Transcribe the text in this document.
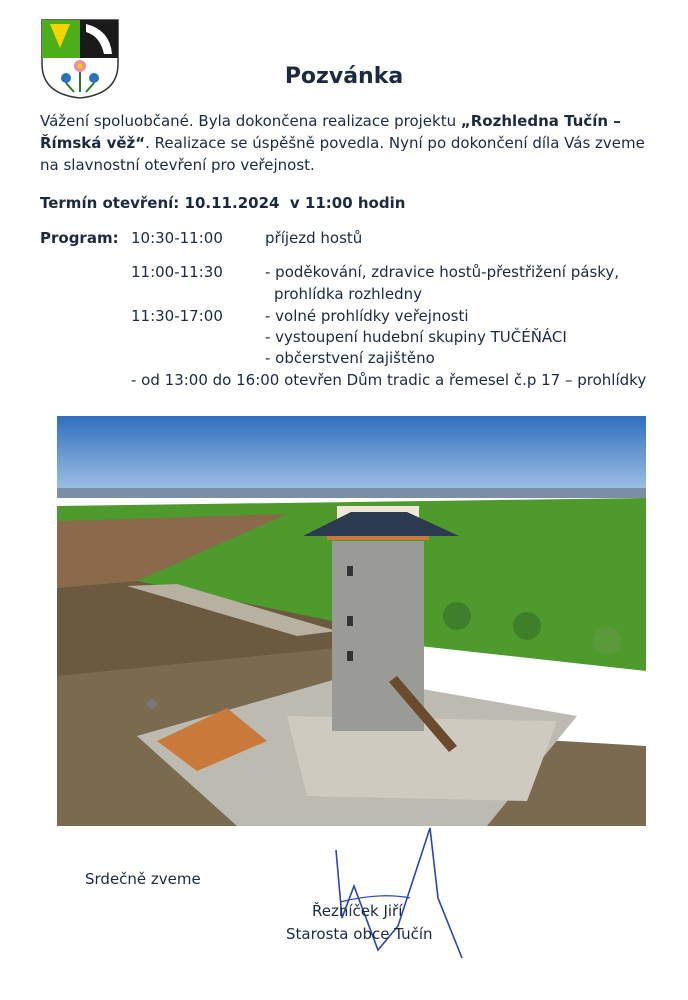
Pozvánka
Vážení spoluobčané. Byla dokončena realizace projektu „Rozhledna Tučín – Římská věž“. Realizace se úspěšně povedla. Nyní po dokončení díla Vás zveme na slavnostní otevření pro veřejnost.
Termín otevření: 10.11.2024 v 11:00 hodin
Program: 10:30-11:00	příjezd hostů
11:00-11:30	- poděkování, zdravice hostů-přestřižení pásky,
prohlídka rozhledny
11:30-17:00	- volné prohlídky veřejnosti
- vystoupení hudební skupiny TUČÉŇÁCI
- občerstvení zajištěno
- od 13:00 do 16:00 otevřen Dům tradic a řemesel č.p 17 – prohlídky
Srdečně zveme
Řezníček Jiří
Starosta obce Tučín
